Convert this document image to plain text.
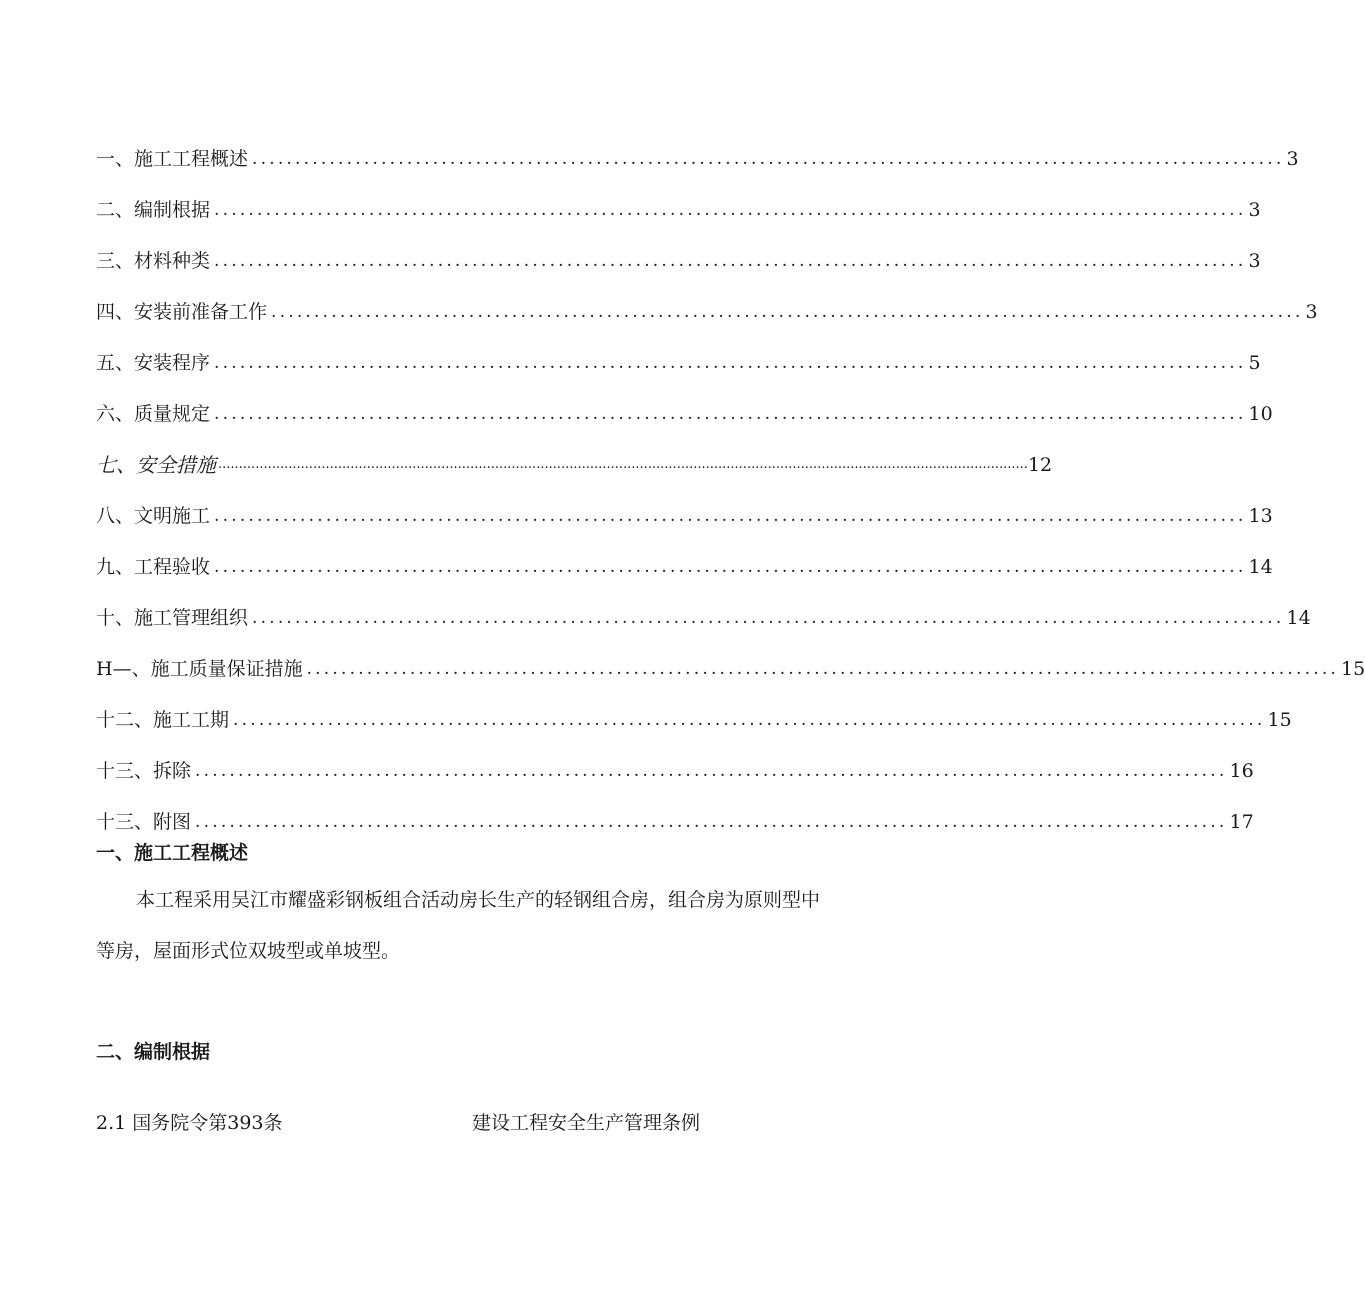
一、施工工程概述 ........................................................................................................................ 3
二、编制根据 ........................................................................................................................ 3
三、材料种类 ........................................................................................................................ 3
四、安装前准备工作 ........................................................................................................................ 3
五、安装程序 ........................................................................................................................ 5
六、质量规定 ........................................................................................................................ 10
七、安全措施 .................................................................................................................................................................................................... 12
八、文明施工 ........................................................................................................................ 13
九、工程验收 ........................................................................................................................ 14
十、施工管理组织 ........................................................................................................................ 14
H—、施工质量保证措施 ........................................................................................................................ 15
十二、施工工期 ........................................................................................................................ 15
十三、拆除 ........................................................................................................................ 16
十三、附图 ........................................................................................................................ 17
一、施工工程概述
本工程采用吴江市耀盛彩钢板组合活动房长生产的轻钢组合房，组合房为原则型中等房，屋面形式位双坡型或单坡型。
二、编制根据
2.1 国务院令第393条	建设工程安全生产管理条例
